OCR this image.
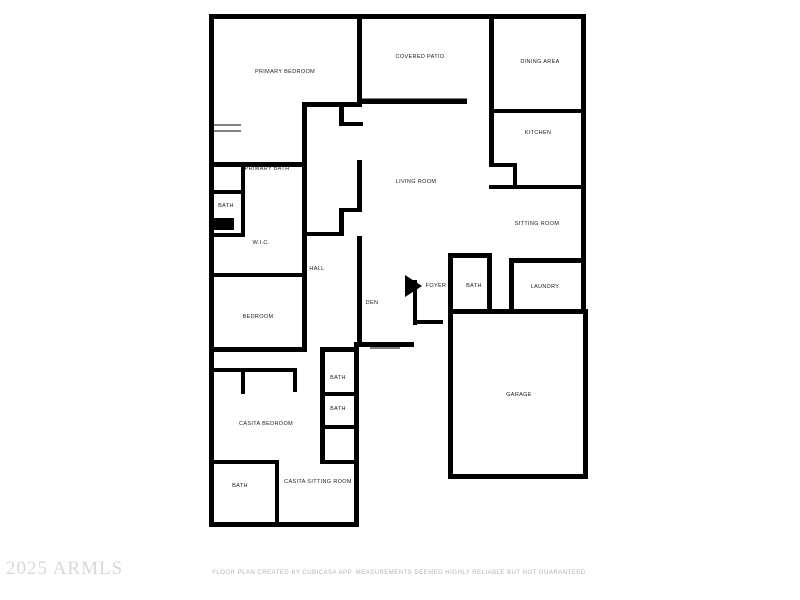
PRIMARY BEDROOM
COVERED PATIO
DINING AREA
KITCHEN
LIVING ROOM
PRIMARY BATH
BATH
W.I.C.
SITTING ROOM
HALL
FOYER	BATH	LAUNDRY
DEN
BEDROOM
BATH
GARAGE
BATH
CASITA BEDROOM
CASITA SITTING ROOM
BATH
2025 ARMLS	FLOOR PLAN CREATED BY CUBICASA APP. MEASUREMENTS DEEMED HIGHLY RELIABLE BUT NOT GUARANTEED.
